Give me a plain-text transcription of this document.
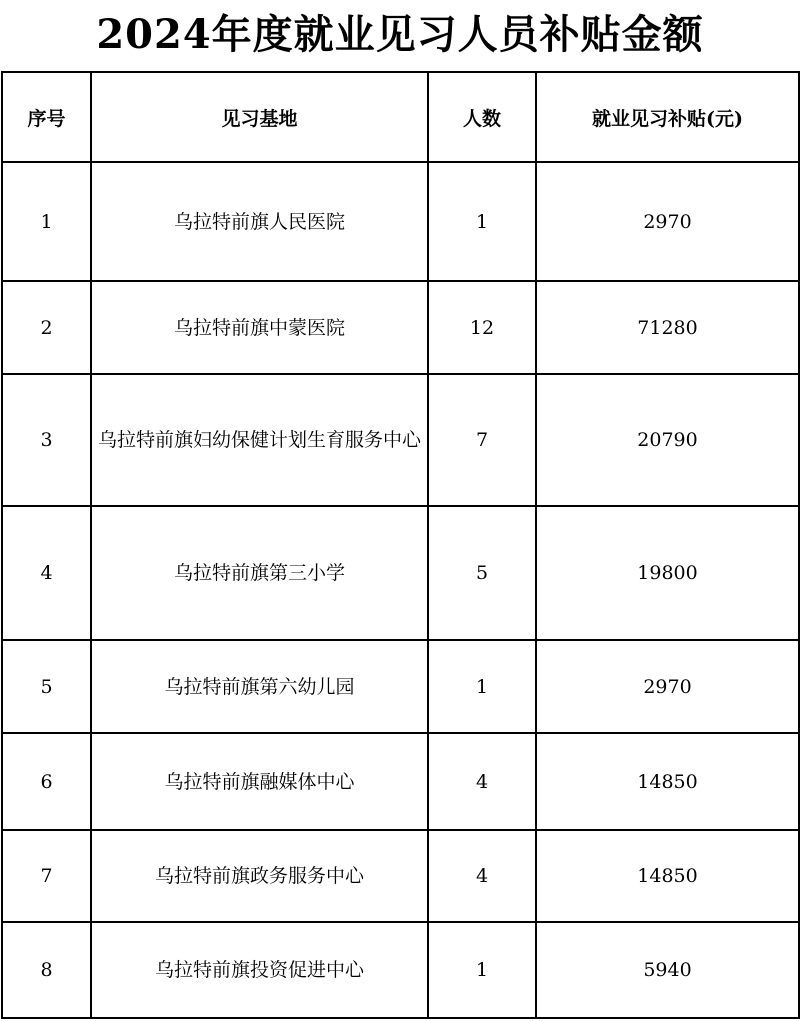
2024年度就业见习人员补贴金额
序号	见习基地	人数	就业见习补贴(元)
1	乌拉特前旗人民医院	1	2970
2	乌拉特前旗中蒙医院	12	71280
3	乌拉特前旗妇幼保健计划生育服务中心	7	20790
4	乌拉特前旗第三小学	5	19800
5	乌拉特前旗第六幼儿园	1	2970
6	乌拉特前旗融媒体中心	4	14850
7	乌拉特前旗政务服务中心	4	14850
8	乌拉特前旗投资促进中心	1	5940
